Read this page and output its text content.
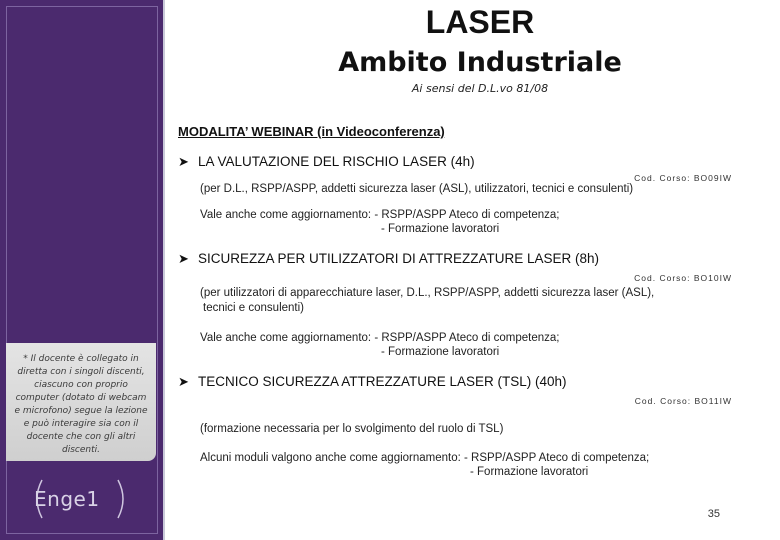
* Il docente è collegato in diretta con i singoli discenti, ciascuno con proprio computer (dotato di webcam e microfono) segue la lezione e può interagire sia con il docente che con gli altri discenti.

Enge1
LASER
Ambito Industriale

Ai sensi del D.L.vo 81/08

MODALITA’ WEBINAR (in Videoconferenza)

➤ LA VALUTAZIONE DEL RISCHIO LASER (4h)

Cod. Corso: BO09IW

(per D.L., RSPP/ASPP, addetti sicurezza laser (ASL), utilizzatori, tecnici e consulenti)

Vale anche come aggiornamento: - RSPP/ASPP Ateco di competenza;
- Formazione lavoratori

➤ SICUREZZA PER UTILIZZATORI DI ATTREZZATURE LASER (8h)

Cod. Corso: BO10IW

(per utilizzatori di apparecchiature laser, D.L., RSPP/ASPP, addetti sicurezza laser (ASL),
tecnici e consulenti)

Vale anche come aggiornamento: - RSPP/ASPP Ateco di competenza;
- Formazione lavoratori

➤ TECNICO SICUREZZA ATTREZZATURE LASER (TSL) (40h)

Cod. Corso: BO11IW

(formazione necessaria per lo svolgimento del ruolo di TSL)

Alcuni moduli valgono anche come aggiornamento: - RSPP/ASPP Ateco di competenza;
- Formazione lavoratori

35
